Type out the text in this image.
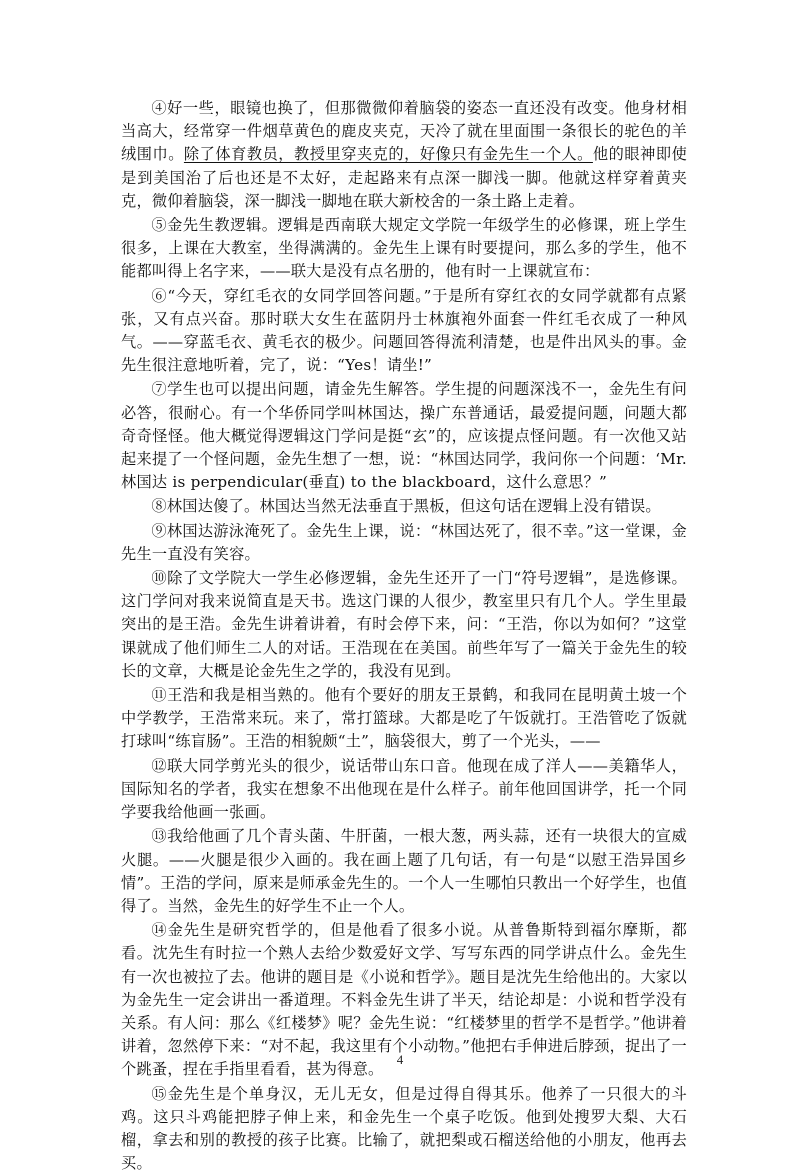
④好一些，眼镜也换了，但那微微仰着脑袋的姿态一直还没有改变。他身材相当高大，经常穿一件烟草黄色的鹿皮夹克，天冷了就在里面围一条很长的驼色的羊绒围巾。除了体育教员，教授里穿夹克的，好像只有金先生一个人。他的眼神即使是到美国治了后也还是不太好，走起路来有点深一脚浅一脚。他就这样穿着黄夹克，微仰着脑袋，深一脚浅一脚地在联大新校舍的一条土路上走着。

⑤金先生教逻辑。逻辑是西南联大规定文学院一年级学生的必修课，班上学生很多，上课在大教室，坐得满满的。金先生上课有时要提问，那么多的学生，他不能都叫得上名字来，——联大是没有点名册的，他有时一上课就宣布：

⑥“今天，穿红毛衣的女同学回答问题。”于是所有穿红衣的女同学就都有点紧张，又有点兴奋。那时联大女生在蓝阴丹士林旗袍外面套一件红毛衣成了一种风气。——穿蓝毛衣、黄毛衣的极少。问题回答得流利清楚，也是件出风头的事。金先生很注意地听着，完了，说：“Yes！请坐!”

⑦学生也可以提出问题，请金先生解答。学生提的问题深浅不一，金先生有问必答，很耐心。有一个华侨同学叫林国达，操广东普通话，最爱提问题，问题大都奇奇怪怪。他大概觉得逻辑这门学问是挺“玄”的，应该提点怪问题。有一次他又站起来提了一个怪问题，金先生想了一想，说：“林国达同学，我问你一个问题：‘Mr. 林国达 is perpendicular(垂直) to the blackboard，这什么意思？”

⑧林国达傻了。林国达当然无法垂直于黑板，但这句话在逻辑上没有错误。

⑨林国达游泳淹死了。金先生上课，说：“林国达死了，很不幸。”这一堂课，金先生一直没有笑容。

⑩除了文学院大一学生必修逻辑，金先生还开了一门“符号逻辑”，是选修课。这门学问对我来说简直是天书。选这门课的人很少，教室里只有几个人。学生里最突出的是王浩。金先生讲着讲着，有时会停下来，问：“王浩，你以为如何？”这堂课就成了他们师生二人的对话。王浩现在在美国。前些年写了一篇关于金先生的较长的文章，大概是论金先生之学的，我没有见到。

⑪王浩和我是相当熟的。他有个要好的朋友王景鹤，和我同在昆明黄土坡一个中学教学，王浩常来玩。来了，常打篮球。大都是吃了午饭就打。王浩管吃了饭就打球叫“练盲肠”。王浩的相貌颇“土”，脑袋很大，剪了一个光头，——

⑫联大同学剪光头的很少，说话带山东口音。他现在成了洋人——美籍华人，国际知名的学者，我实在想象不出他现在是什么样子。前年他回国讲学，托一个同学要我给他画一张画。

⑬我给他画了几个青头菌、牛肝菌，一根大葱，两头蒜，还有一块很大的宣威火腿。——火腿是很少入画的。我在画上题了几句话，有一句是“以慰王浩异国乡情”。王浩的学问，原来是师承金先生的。一个人一生哪怕只教出一个好学生，也值得了。当然，金先生的好学生不止一个人。

⑭金先生是研究哲学的，但是他看了很多小说。从普鲁斯特到福尔摩斯，都看。沈先生有时拉一个熟人去给少数爱好文学、写写东西的同学讲点什么。金先生有一次也被拉了去。他讲的题目是《小说和哲学》。题目是沈先生给他出的。大家以为金先生一定会讲出一番道理。不料金先生讲了半天，结论却是：小说和哲学没有关系。有人问：那么《红楼梦》呢？金先生说：“红楼梦里的哲学不是哲学。”他讲着讲着，忽然停下来：“对不起，我这里有个小动物。”他把右手伸进后脖颈，捉出了一个跳蚤，捏在手指里看看，甚为得意。

⑮金先生是个单身汉，无儿无女，但是过得自得其乐。他养了一只很大的斗鸡。这只斗鸡能把脖子伸上来，和金先生一个桌子吃饭。他到处搜罗大梨、大石榴，拿去和别的教授的孩子比赛。比输了，就把梨或石榴送给他的小朋友，他再去买。

4
